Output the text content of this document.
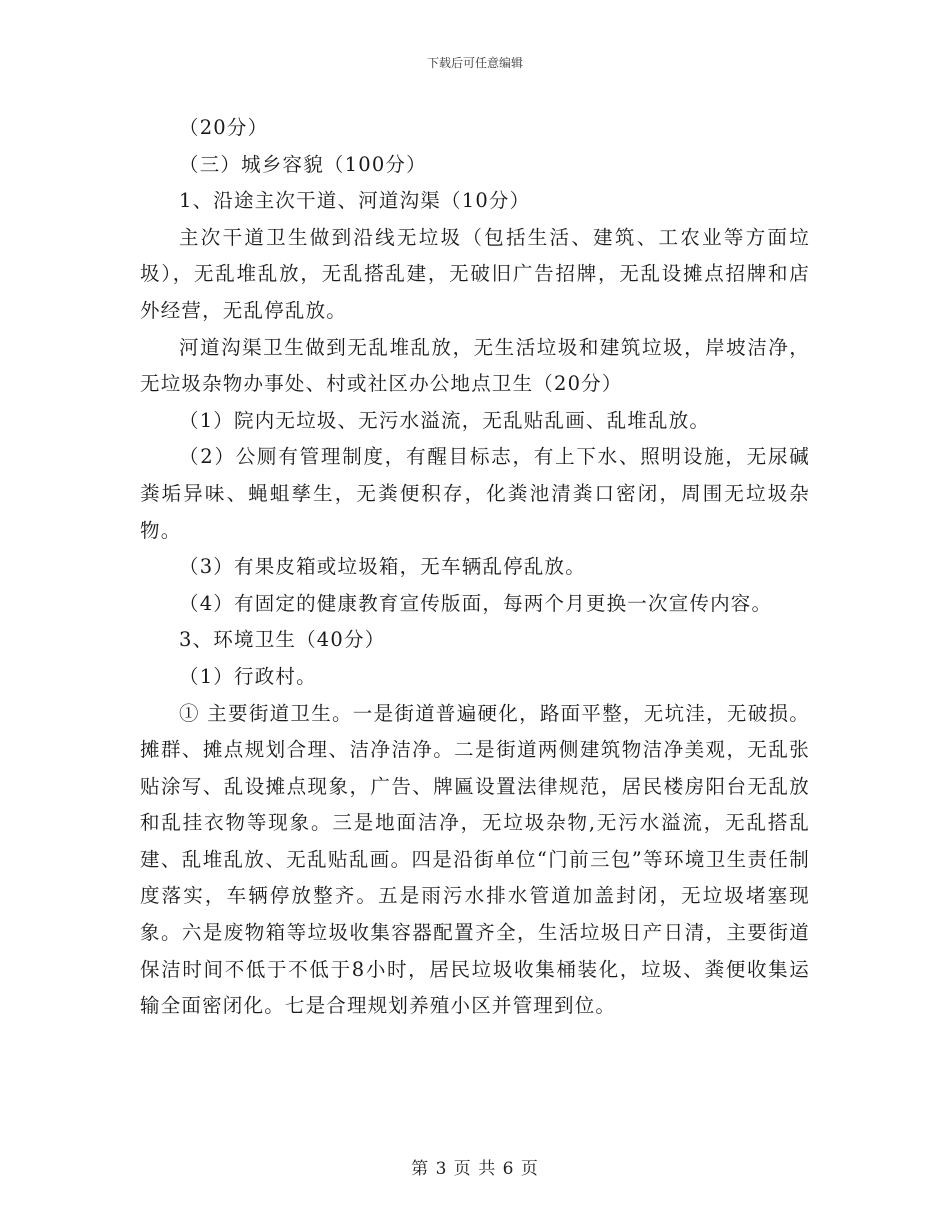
下载后可任意编辑

（20分）

（三）城乡容貌（100分）

1、沿途主次干道、河道沟渠（10分）

主次干道卫生做到沿线无垃圾（包括生活、建筑、工农业等方面垃圾），无乱堆乱放，无乱搭乱建，无破旧广告招牌，无乱设摊点招牌和店外经营，无乱停乱放。

河道沟渠卫生做到无乱堆乱放，无生活垃圾和建筑垃圾，岸坡洁净，无垃圾杂物办事处、村或社区办公地点卫生（20分）

（1）院内无垃圾、无污水溢流，无乱贴乱画、乱堆乱放。

（2）公厕有管理制度，有醒目标志，有上下水、照明设施，无尿碱粪垢异味、蝇蛆孳生，无粪便积存，化粪池清粪口密闭，周围无垃圾杂物。

（3）有果皮箱或垃圾箱，无车辆乱停乱放。

（4）有固定的健康教育宣传版面，每两个月更换一次宣传内容。

3、环境卫生（40分）

（1）行政村。

① 主要街道卫生。一是街道普遍硬化，路面平整，无坑洼，无破损。摊群、摊点规划合理、洁净洁净。二是街道两侧建筑物洁净美观，无乱张贴涂写、乱设摊点现象，广告、牌匾设置法律规范，居民楼房阳台无乱放和乱挂衣物等现象。三是地面洁净，无垃圾杂物,无污水溢流，无乱搭乱建、乱堆乱放、无乱贴乱画。四是沿街单位“门前三包”等环境卫生责任制度落实，车辆停放整齐。五是雨污水排水管道加盖封闭，无垃圾堵塞现象。六是废物箱等垃圾收集容器配置齐全，生活垃圾日产日清，主要街道保洁时间不低于不低于8小时，居民垃圾收集桶装化，垃圾、粪便收集运输全面密闭化。七是合理规划养殖小区并管理到位。

第 3 页 共 6 页
